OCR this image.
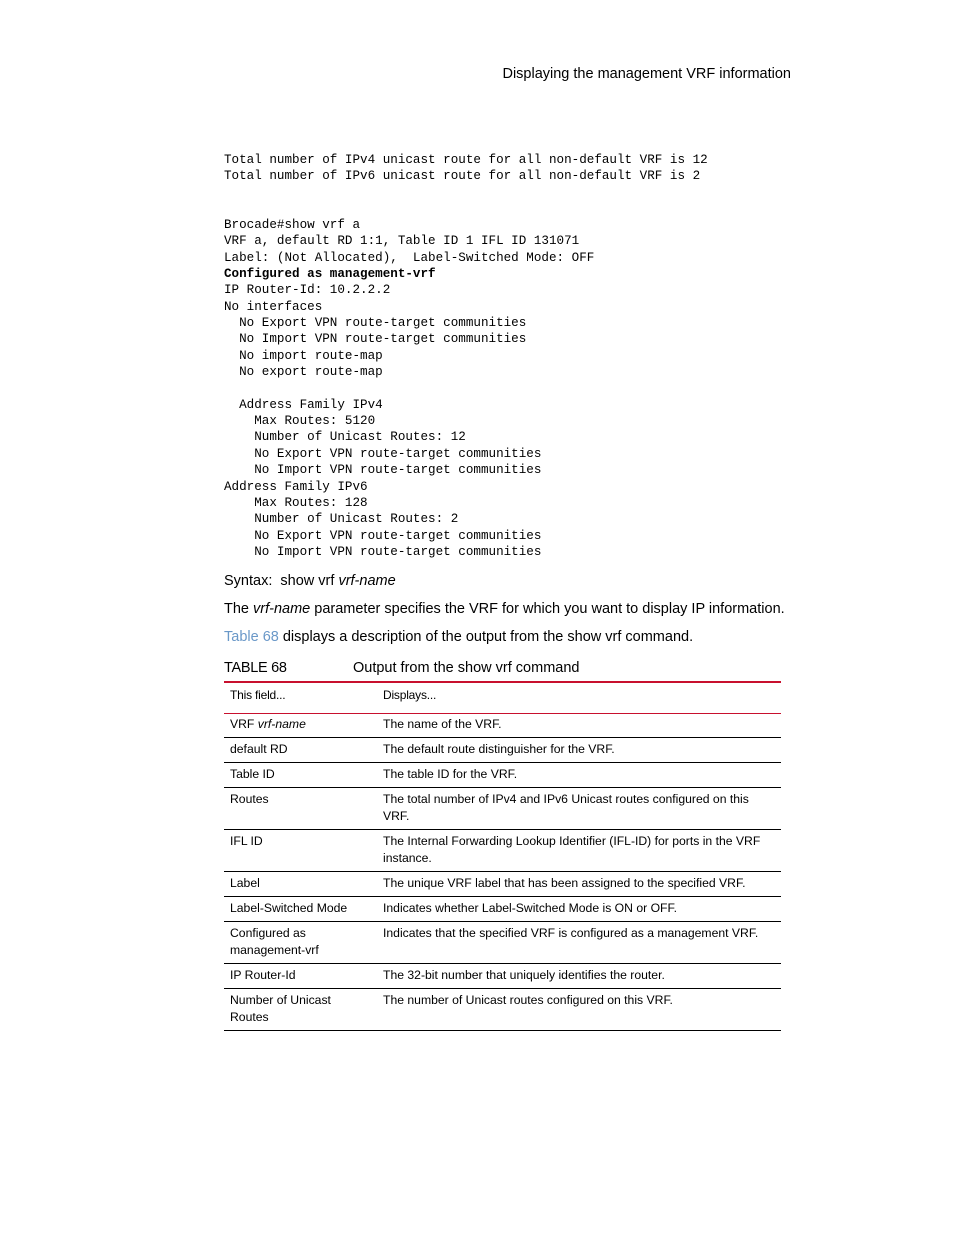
Displaying the management VRF information
Total number of IPv4 unicast route for all non-default VRF is 12
Total number of IPv6 unicast route for all non-default VRF is 2

Brocade#show vrf a
VRF a, default RD 1:1, Table ID 1 IFL ID 131071
Label: (Not Allocated),  Label-Switched Mode: OFF
Configured as management-vrf
IP Router-Id: 10.2.2.2
No interfaces
No Export VPN route-target communities
No Import VPN route-target communities
No import route-map
No export route-map

Address Family IPv4
Max Routes: 5120
Number of Unicast Routes: 12
No Export VPN route-target communities
No Import VPN route-target communities
Address Family IPv6
Max Routes: 128
Number of Unicast Routes: 2
No Export VPN route-target communities
No Import VPN route-target communities

Syntax: show vrf vrf-name
The vrf-name parameter specifies the VRF for which you want to display IP information.
Table 68 displays a description of the output from the show vrf command.
TABLE 68	Output from the show vrf command
This field...	Displays...
VRF vrf-name	The name of the VRF.
default RD	The default route distinguisher for the VRF.
Table ID	The table ID for the VRF.
Routes	The total number of IPv4 and IPv6 Unicast routes configured on this VRF.
IFL ID	The Internal Forwarding Lookup Identifier (IFL-ID) for ports in the VRF instance.
Label	The unique VRF label that has been assigned to the specified VRF.
Label-Switched Mode	Indicates whether Label-Switched Mode is ON or OFF.
Configured as management-vrf	Indicates that the specified VRF is configured as a management VRF.
IP Router-Id	The 32-bit number that uniquely identifies the router.
Number of Unicast Routes	The number of Unicast routes configured on this VRF.
